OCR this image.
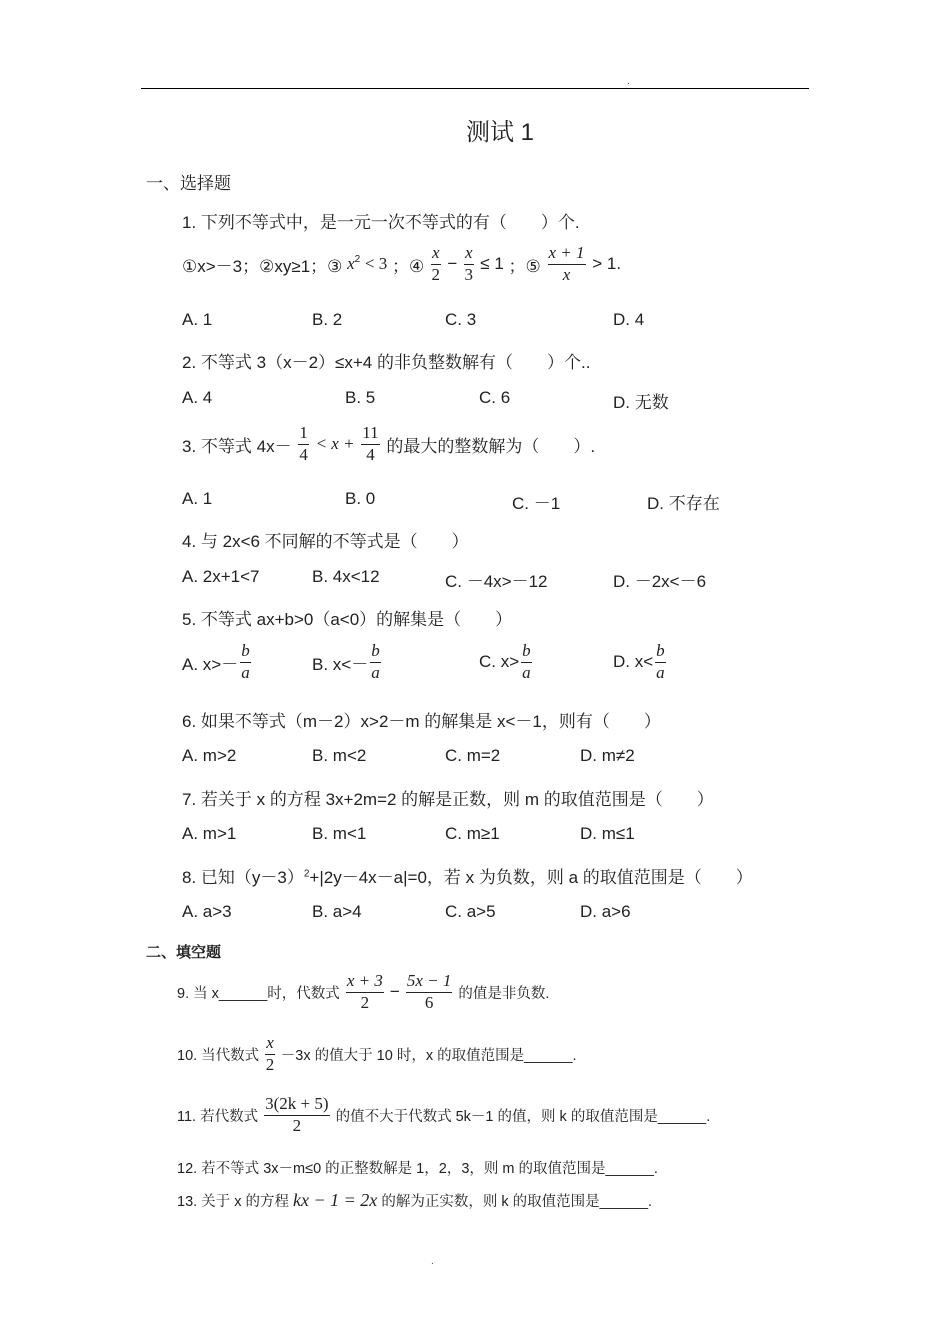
.
测试 1
一、选择题
1. 下列不等式中，是一元一次不等式的有（　　）个.
①x>－3；②xy≥1；③ $x^2 < 3$ ；④ $\frac{x}{2} - \frac{x}{3} \le 1$ ；⑤ $\frac{x + 1}{x} > 1$.
A. 1	B. 2	C. 3	D. 4
2. 不等式 3（x－2）≤x+4 的非负整数解有（　　）个..
A. 4	B. 5	C. 6	D. 无数
3. 不等式 $4x- \frac{1}{4} < x + \frac{11}{4}$ 的最大的整数解为（　　）.
A. 1	B. 0	C. －1	D. 不存在
4. 与 2x<6 不同解的不等式是（　　）
A. 2x+1<7	B. 4x<12	C. －4x>－12	D. －2x<－6
5. 不等式 ax+b>0（a<0）的解集是（　　）
A. $x>- \frac{b}{a}$	B. $x<- \frac{b}{a}$	C. $x> \frac{b}{a}$	D. $x< \frac{b}{a}$
6. 如果不等式（m－2）x>2－m 的解集是 x<－1，则有（　　）
A. m>2	B. m<2	C. m=2	D. m≠2
7. 若关于 x 的方程 3x+2m=2 的解是正数，则 m 的取值范围是（　　）
A. m>1	B. m<1	C. m≥1	D. m≤1
8. 已知$(y-3)^2+|2y-4x-a|=0$，若 x 为负数，则 a 的取值范围是（　　）
A. a>3	B. a>4	C. a>5	D. a>6
二、填空题
9. 当 x______时，代数式 $\frac{x + 3}{2} - \frac{5x - 1}{6}$ 的值是非负数.
10. 当代数式 $\frac{x}{2} -3x$ 的值大于 10 时，x 的取值范围是______.
11. 若代数式 $\frac{3(2k + 5)}{2}$ 的值不大于代数式 5k－1 的值，则 k 的取值范围是______.
12. 若不等式 3x－m≤0 的正整数解是 1，2，3，则 m 的取值范围是______.
13. 关于 x 的方程 kx − 1 = 2x 的解为正实数，则 k 的取值范围是______.
.
